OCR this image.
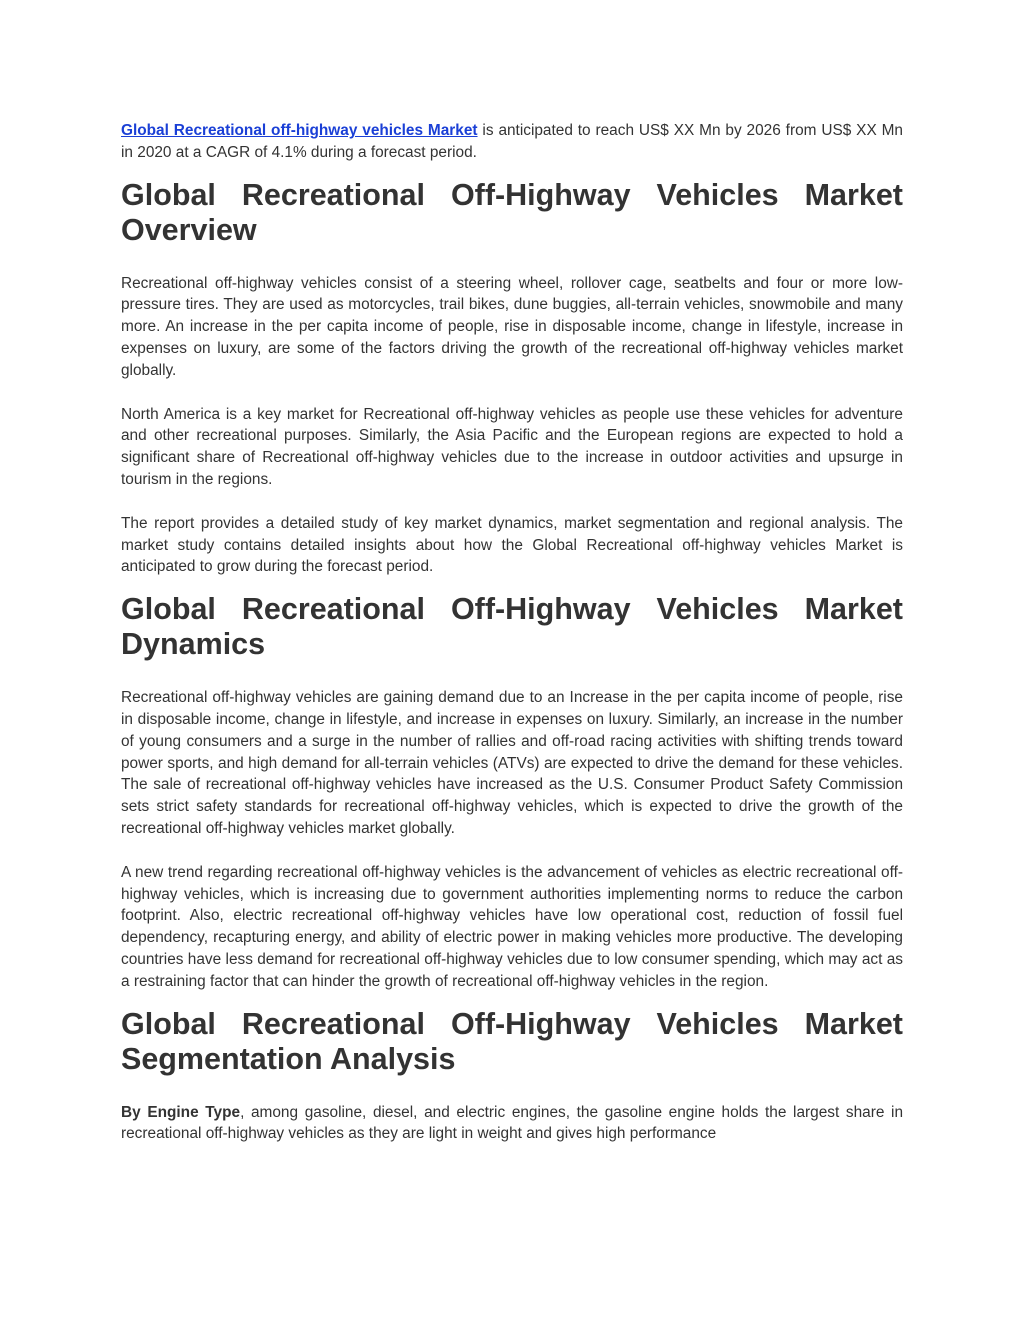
Global Recreational off-highway vehicles Market is anticipated to reach US$ XX Mn by 2026 from US$ XX Mn in 2020 at a CAGR of 4.1% during a forecast period.

Global Recreational Off-Highway Vehicles Market
Overview

Recreational off-highway vehicles consist of a steering wheel, rollover cage, seatbelts and four or more low-pressure tires. They are used as motorcycles, trail bikes, dune buggies, all-terrain vehicles, snowmobile and many more. An increase in the per capita income of people, rise in disposable income, change in lifestyle, increase in expenses on luxury, are some of the factors driving the growth of the recreational off-highway vehicles market globally.

North America is a key market for Recreational off-highway vehicles as people use these vehicles for adventure and other recreational purposes. Similarly, the Asia Pacific and the European regions are expected to hold a significant share of Recreational off-highway vehicles due to the increase in outdoor activities and upsurge in tourism in the regions.

The report provides a detailed study of key market dynamics, market segmentation and regional analysis. The market study contains detailed insights about how the Global Recreational off-highway vehicles Market is anticipated to grow during the forecast period.

Global Recreational Off-Highway Vehicles Market
Dynamics

Recreational off-highway vehicles are gaining demand due to an Increase in the per capita income of people, rise in disposable income, change in lifestyle, and increase in expenses on luxury. Similarly, an increase in the number of young consumers and a surge in the number of rallies and off-road racing activities with shifting trends toward power sports, and high demand for all-terrain vehicles (ATVs) are expected to drive the demand for these vehicles. The sale of recreational off-highway vehicles have increased as the U.S. Consumer Product Safety Commission sets strict safety standards for recreational off-highway vehicles, which is expected to drive the growth of the recreational off-highway vehicles market globally.

A new trend regarding recreational off-highway vehicles is the advancement of vehicles as electric recreational off-highway vehicles, which is increasing due to government authorities implementing norms to reduce the carbon footprint. Also, electric recreational off-highway vehicles have low operational cost, reduction of fossil fuel dependency, recapturing energy, and ability of electric power in making vehicles more productive. The developing countries have less demand for recreational off-highway vehicles due to low consumer spending, which may act as a restraining factor that can hinder the growth of recreational off-highway vehicles in the region.

Global Recreational Off-Highway Vehicles Market
Segmentation Analysis

By Engine Type, among gasoline, diesel, and electric engines, the gasoline engine holds the largest share in recreational off-highway vehicles as they are light in weight and gives high performance
